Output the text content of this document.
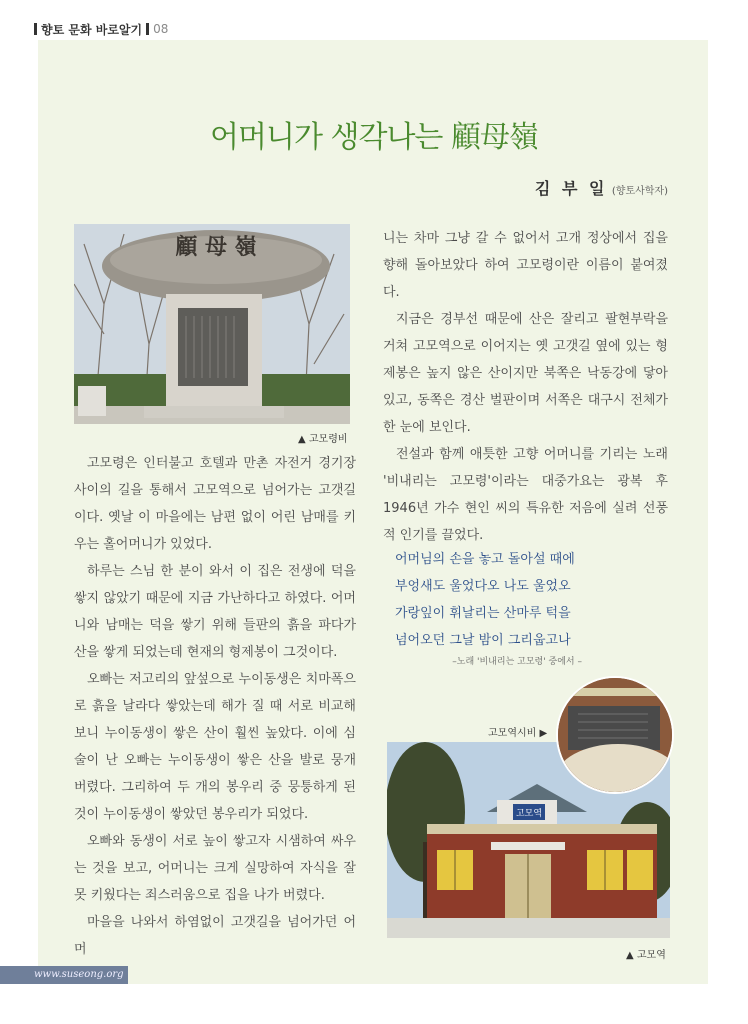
향토 문화 바로알기 08
어머니가 생각나는 顧母嶺
김 부 일 (향토사학자)
顧 母 嶺
▲ 고모령비

고모령은 인터불고 호텔과 만촌 자전거 경기장 사이의 길을 통해서 고모역으로 넘어가는 고갯길이다. 옛날 이 마을에는 남편 없이 어린 남매를 키우는 홀어머니가 있었다.

하루는 스님 한 분이 와서 이 집은 전생에 덕을 쌓지 않았기 때문에 지금 가난하다고 하였다. 어머니와 남매는 덕을 쌓기 위해 들판의 흙을 파다가 산을 쌓게 되었는데 현재의 형제봉이 그것이다.

오빠는 저고리의 앞섶으로 누이동생은 치마폭으로 흙을 날라다 쌓았는데 해가 질 때 서로 비교해 보니 누이동생이 쌓은 산이 훨씬 높았다. 이에 심술이 난 오빠는 누이동생이 쌓은 산을 발로 뭉개 버렸다. 그리하여 두 개의 봉우리 중 뭉퉁하게 된 것이 누이동생이 쌓았던 봉우리가 되었다.

오빠와 동생이 서로 높이 쌓고자 시샘하여 싸우는 것을 보고, 어머니는 크게 실망하여 자식을 잘못 키웠다는 죄스러움으로 집을 나가 버렸다.

마을을 나와서 하염없이 고갯길을 넘어가던 어머

니는 차마 그냥 갈 수 없어서 고개 정상에서 집을 향해 돌아보았다 하여 고모령이란 이름이 붙여졌다.

지금은 경부선 때문에 산은 잘리고 팔현부락을 거쳐 고모역으로 이어지는 옛 고갯길 옆에 있는 형제봉은 높지 않은 산이지만 북쪽은 낙동강에 닿아 있고, 동쪽은 경산 벌판이며 서쪽은 대구시 전체가 한 눈에 보인다.

전설과 함께 애틋한 고향 어머니를 기리는 노래 '비내리는 고모령'이라는 대중가요는 광복 후 1946년 가수 현인 씨의 특유한 저음에 실려 선풍적 인기를 끌었다.

어머님의 손을 놓고 돌아설 때에
부엉새도 울었다오 나도 울었오
가랑잎이 휘날리는 산마루 턱을
넘어오던 그날 밤이 그리웁고나
–노래 '비내리는 고모령' 중에서 –
고모역
고모역시비 ▶
▲ 고모역
www.suseong.org
